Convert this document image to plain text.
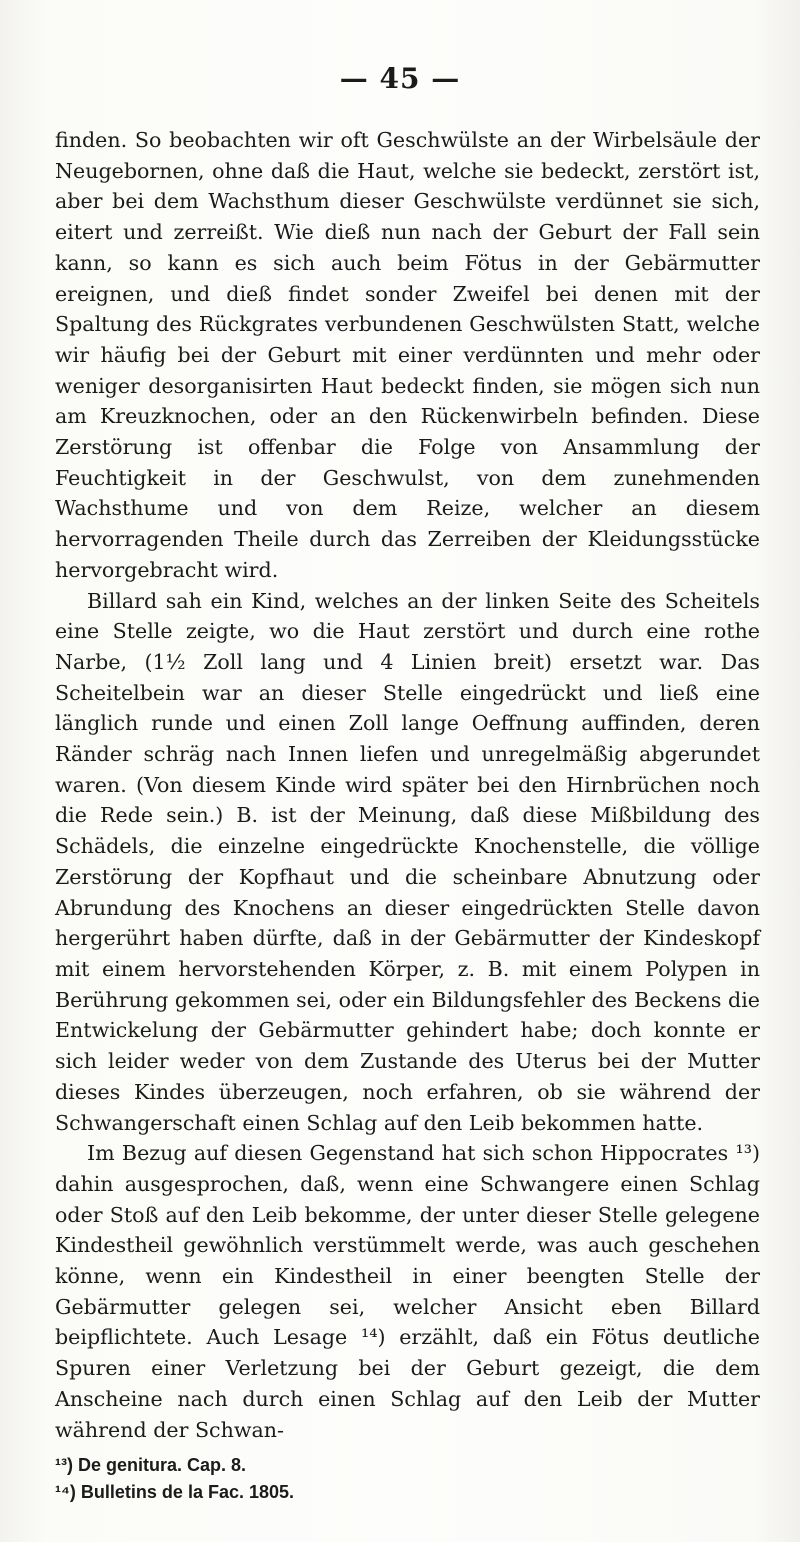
— 45 —

finden. So beobachten wir oft Geschwülste an der Wirbelsäule der Neugebornen, ohne daß die Haut, welche sie bedeckt, zerstört ist, aber bei dem Wachsthum dieser Geschwülste verdünnet sie sich, eitert und zerreißt. Wie dieß nun nach der Geburt der Fall sein kann, so kann es sich auch beim Fötus in der Gebärmutter ereignen, und dieß findet sonder Zweifel bei denen mit der Spaltung des Rückgrates verbundenen Geschwülsten Statt, welche wir häufig bei der Geburt mit einer verdünnten und mehr oder weniger desorganisirten Haut bedeckt finden, sie mögen sich nun am Kreuzknochen, oder an den Rückenwirbeln befinden. Diese Zerstörung ist offenbar die Folge von Ansammlung der Feuchtigkeit in der Geschwulst, von dem zunehmenden Wachsthume und von dem Reize, welcher an diesem hervorragenden Theile durch das Zerreiben der Kleidungsstücke hervorgebracht wird.

Billard sah ein Kind, welches an der linken Seite des Scheitels eine Stelle zeigte, wo die Haut zerstört und durch eine rothe Narbe, (1½ Zoll lang und 4 Linien breit) ersetzt war. Das Scheitelbein war an dieser Stelle eingedrückt und ließ eine länglich runde und einen Zoll lange Oeffnung auffinden, deren Ränder schräg nach Innen liefen und unregelmäßig abgerundet waren. (Von diesem Kinde wird später bei den Hirnbrüchen noch die Rede sein.) B. ist der Meinung, daß diese Mißbildung des Schädels, die einzelne eingedrückte Knochenstelle, die völlige Zerstörung der Kopfhaut und die scheinbare Abnutzung oder Abrundung des Knochens an dieser eingedrückten Stelle davon hergerührt haben dürfte, daß in der Gebärmutter der Kindeskopf mit einem hervorstehenden Körper, z. B. mit einem Polypen in Berührung gekommen sei, oder ein Bildungsfehler des Beckens die Entwickelung der Gebärmutter gehindert habe; doch konnte er sich leider weder von dem Zustande des Uterus bei der Mutter dieses Kindes überzeugen, noch erfahren, ob sie während der Schwangerschaft einen Schlag auf den Leib bekommen hatte.

Im Bezug auf diesen Gegenstand hat sich schon Hippocrates ¹³) dahin ausgesprochen, daß, wenn eine Schwangere einen Schlag oder Stoß auf den Leib bekomme, der unter dieser Stelle gelegene Kindestheil gewöhnlich verstümmelt werde, was auch geschehen könne, wenn ein Kindestheil in einer beengten Stelle der Gebärmutter gelegen sei, welcher Ansicht eben Billard beipflichtete. Auch Lesage ¹⁴) erzählt, daß ein Fötus deutliche Spuren einer Verletzung bei der Geburt gezeigt, die dem Anscheine nach durch einen Schlag auf den Leib der Mutter während der Schwan-

¹³) De genitura. Cap. 8.
¹⁴) Bulletins de la Fac. 1805.
